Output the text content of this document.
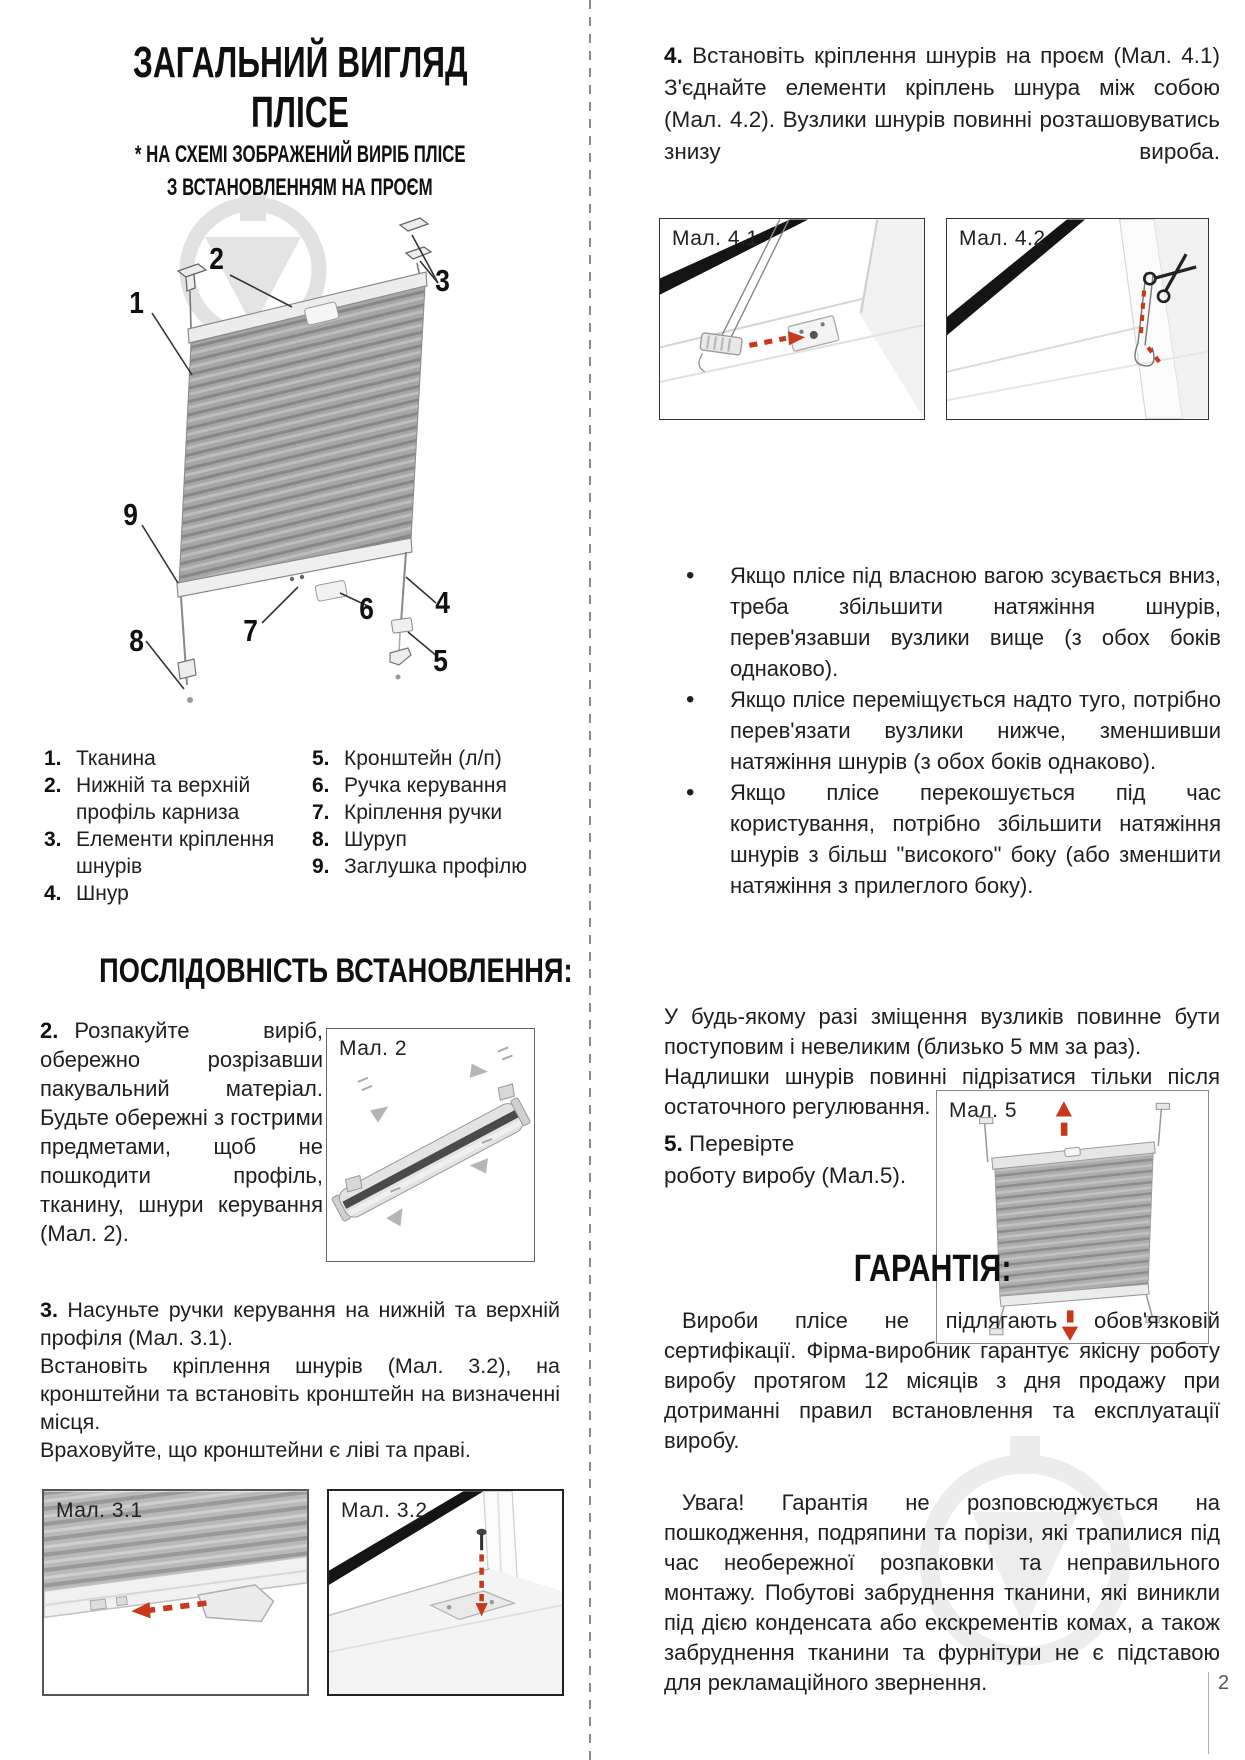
ЗАГАЛЬНИЙ ВИГЛЯД
ПЛІСЕ
* НА СХЕМІ ЗОБРАЖЕНИЙ ВИРІБ ПЛІСЕ
З ВСТАНОВЛЕННЯМ НА ПРОЄМ
1
2
3
4
5
6
7
8
9
1. Тканина
2. Нижній та верхній профіль карниза
3. Елементи кріплення шнурів
4. Шнур
5. Кронштейн (л/п)
6. Ручка керування
7. Кріплення ручки
8. Шуруп
9. Заглушка профілю
ПОСЛІДОВНІСТЬ ВСТАНОВЛЕННЯ:

2. Розпакуйте виріб, обережно розрізавши пакувальний матеріал. Будьте обережні з гострими предметами, щоб не пошкодити профіль, тканину, шнури керування (Мал. 2).

Мал. 2

3. Насуньте ручки керування на нижній та верхній профіля (Мал. 3.1).

Встановіть кріплення шнурів (Мал. 3.2), на кронштейни та встановіть кронштейн на визначенні місця.

Враховуйте, що кронштейни є ліві та праві.

Мал. 3.1	Мал. 3.2

4. Встановіть кріплення шнурів на проєм (Мал. 4.1) З'єднайте елементи кріплень шнура між собою (Мал. 4.2). Вузлики шнурів повинні розташовуватись знизу вироба.

Мал. 4.1	Мал. 4.2
•	Якщо плісе під власною вагою зсувається вниз, треба збільшити натяжіння шнурів, перев'язавши вузлики вище (з обох боків однаково).
•	Якщо плісе переміщується надто туго, потрібно перев'язати вузлики нижче, зменшивши натяжіння шнурів (з обох боків однаково).
•	Якщо плісе перекошується під час користування, потрібно збільшити натяжіння шнурів з більш "високого" боку (або зменшити натяжіння з прилеглого боку).

У будь-якому разі зміщення вузликів повинне бути поступовим і невеликим (близько 5 мм за раз).

Надлишки шнурів повинні підрізатися тільки після остаточного регулювання.

5. Перевірте
роботу виробу (Мал.5).
Мал. 5
ГАРАНТІЯ:

Вироби плісе не підлягають обов'язковій сертифікації. Фірма-виробник гарантує якісну роботу виробу протягом 12 місяців з дня продажу при дотриманні правил встановлення та експлуатації виробу.

Увага! Гарантія не розповсюджується на пошкодження, подряпини та порізи, які трапилися під час необережної розпаковки та неправильного монтажу. Побутові забруднення тканини, які виникли під дією конденсата або екскрементів комах, а також забруднення тканини та фурнітури не є підставою для рекламаційного звернення.	2
